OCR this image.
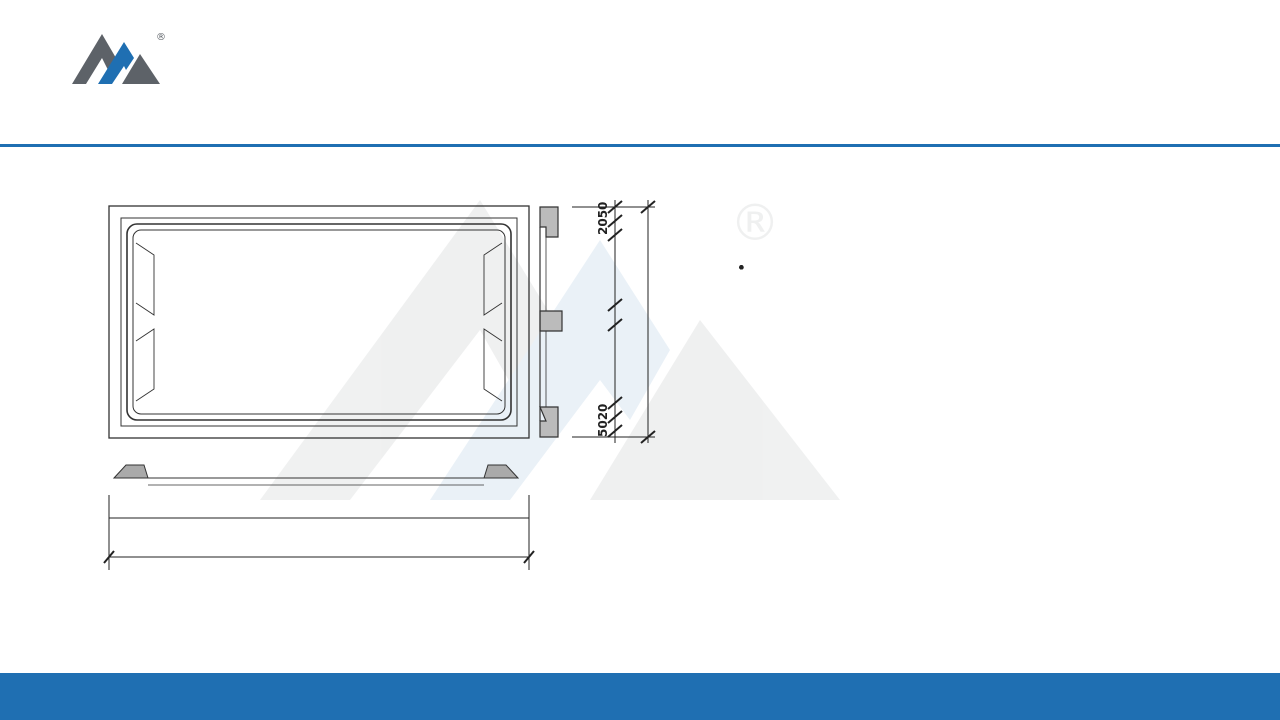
®
®
2050
5020
